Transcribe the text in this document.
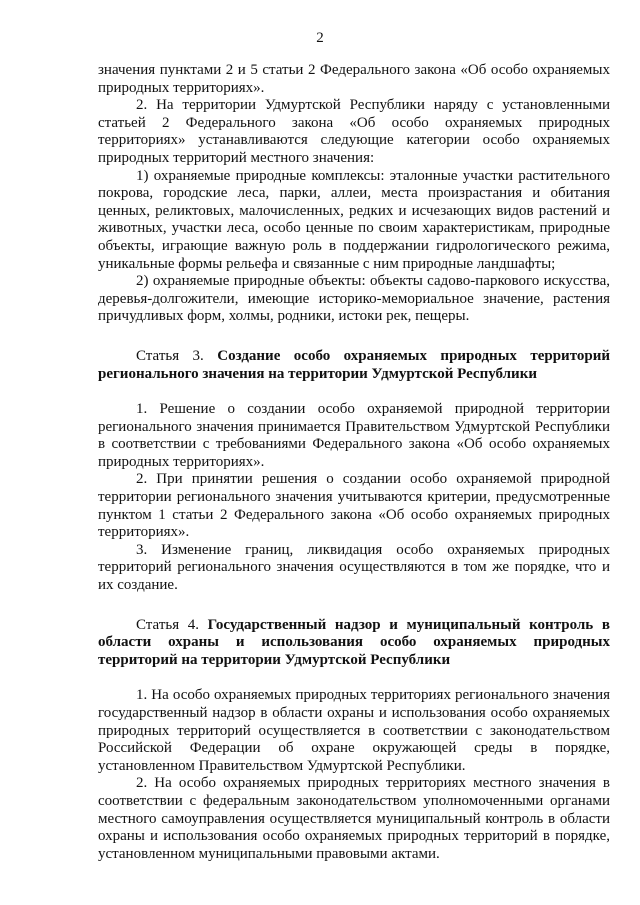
2

значения пунктами 2 и 5 статьи 2 Федерального закона «Об особо охраняемых природных территориях».

2. На территории Удмуртской Республики наряду с установленными статьей 2 Федерального закона «Об особо охраняемых природных территориях» устанавливаются следующие категории особо охраняемых природных территорий местного значения:

1) охраняемые природные комплексы: эталонные участки растительного покрова, городские леса, парки, аллеи, места произрастания и обитания ценных, реликтовых, малочисленных, редких и исчезающих видов растений и животных, участки леса, особо ценные по своим характеристикам, природные объекты, играющие важную роль в поддержании гидрологического режима, уникальные формы рельефа и связанные с ним природные ландшафты;

2) охраняемые природные объекты: объекты садово-паркового искусства, деревья-долгожители, имеющие историко-мемориальное значение, растения причудливых форм, холмы, родники, истоки рек, пещеры.

Статья 3. Создание особо охраняемых природных территорий регионального значения на территории Удмуртской Республики

1. Решение о создании особо охраняемой природной территории регионального значения принимается Правительством Удмуртской Республики в соответствии с требованиями Федерального закона «Об особо охраняемых природных территориях».

2. При принятии решения о создании особо охраняемой природной территории регионального значения учитываются критерии, предусмотренные пунктом 1 статьи 2 Федерального закона «Об особо охраняемых природных территориях».

3. Изменение границ, ликвидация особо охраняемых природных территорий регионального значения осуществляются в том же порядке, что и их создание.

Статья 4. Государственный надзор и муниципальный контроль в области охраны и использования особо охраняемых природных территорий на территории Удмуртской Республики

1. На особо охраняемых природных территориях регионального значения государственный надзор в области охраны и использования особо охраняемых природных территорий осуществляется в соответствии с законодательством Российской Федерации об охране окружающей среды в порядке, установленном Правительством Удмуртской Республики.

2. На особо охраняемых природных территориях местного значения в соответствии с федеральным законодательством уполномоченными органами местного самоуправления осуществляется муниципальный контроль в области охраны и использования особо охраняемых природных территорий в порядке, установленном муниципальными правовыми актами.
